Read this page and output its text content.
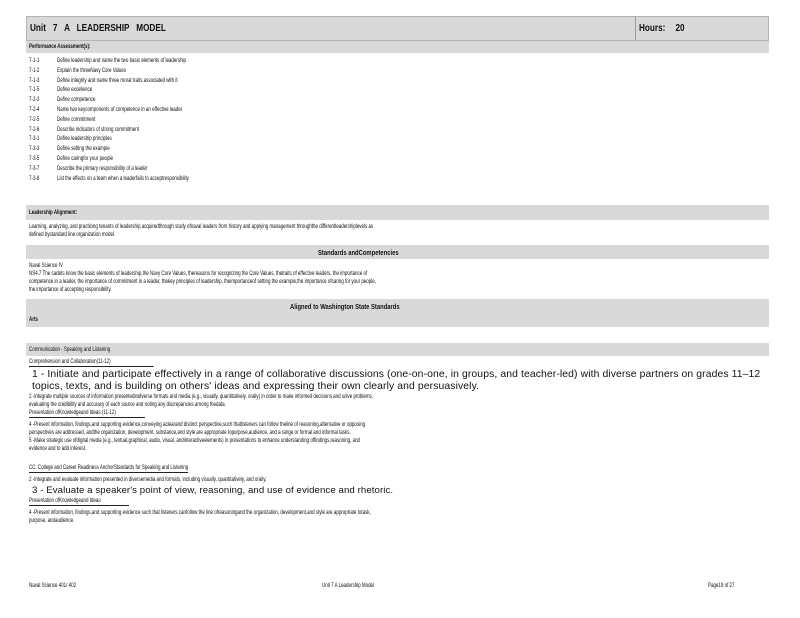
Unit 7 A LEADERSHIP MODEL	Hours: 20
Performance Assessment(s):
7-1-1	Define leadership and name the two basic elements of leadership
7-1-2	Explain the threeNavy Core Values
7-1-3	Define integrity and name three moral traits associated with it
7-1-5	Define excellence
7-2-3	Define competence
7-2-4	Name two keycomponents of competence in an effective leader
7-2-5	Define commitment
7-2-6	Describe indicators of strong commitment
7-3-1	Define leadership principles
7-3-3	Define setting the example
7-3-5	Define caringfor your people
7-3-7	Describe the primary responsibility of a leader
7-3-8	List the effects on a team when a leaderfails to acceptresponsibility
Leadership Alignment:
Learning, analyzing, and practicing tenants of leadership acquiredthrough study ofnaval leaders from history and applying management throughthe differentleadershiplevels as
defined bystandard line organization model.
Standards andCompetencies
Naval Science IV
NS4.7 The cadets know the basic elements of leadership,the Navy Core Values, thereasons for recognizing the Core Values, thetraits of effective leaders, the importance of
competence in a leader, the importance of commitment in a leader, thekey principles of leadership, theimportanceof setting the example,the importance ofcaring for your people,
the importance of accepting responsibility.
Aligned to Washington State Standards
Arts
Communication - Speaking and Listening
Comprehension and Collaboration(11-12)
1 - Initiate and participate effectively in a range of collaborative discussions (one-on-one, in groups, and teacher-led) with diverse partners on grades 11–12 topics, texts, and is building on others' ideas and expressing their own clearly and persuasively.
2 -Integrate multiple sources of information presentedindiverse formats and media (e.g., visually, quantitatively, orally) in order to make informed decisions and solve problems,
evaluating the credibility and accuracy of each source and noting any discrepancies among thedata.
Presentation ofKnowledgeand Ideas (11-12)
4 -Present information, findings,and supporting evidence,conveying aclearand distinct perspective,such thatlisteners can follow theline of reasoning,alternative or opposing
perspectives are addressed, andthe organization, development, substance,and style are appropriate topurpose,audience, and a range or formal and informal tasks.
5 -Make strategic use ofdigital media (e.g., textual,graphical, audio, visual, andinteractiveelements) in presentations to enhance understanding offindings,reasoning, and
evidence and to add interest.
CC: College and Career Readiness AnchorStandards for Speaking and Listening
2 -Integrate and evaluate information presented in diversemedia and formats, including visually, quantitatively, and orally.
3 - Evaluate a speaker's point of view, reasoning, and use of evidence and rhetoric.
Presentation ofKnowledgeand Ideas
4 -Present information, findings,and supporting evidence such that listeners canfollow the line ofreasoningand the organization, development,and style are appropriate totask,
purpose, andaudience.
Naval Science 401/ 402	Unit 7 A Leadership Model	Page19 of 27
